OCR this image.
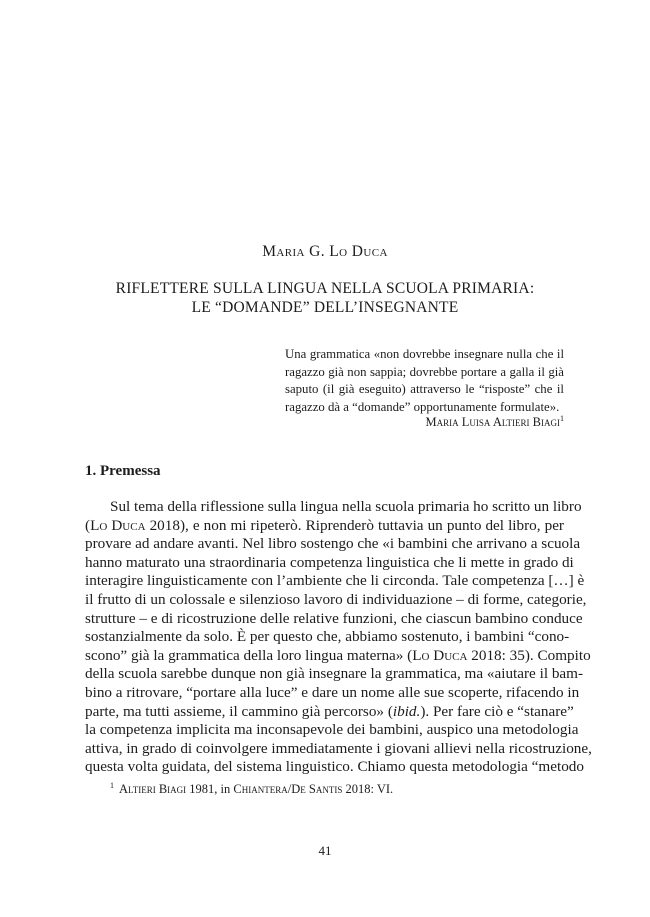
Maria G. Lo Duca
RIFLETTERE SULLA LINGUA NELLA SCUOLA PRIMARIA:
LE “DOMANDE” DELL’INSEGNANTE
Una grammatica «non dovrebbe insegnare nulla che il
ragazzo già non sappia; dovrebbe portare a galla il già
saputo (il già eseguito) attraverso le “risposte” che il
ragazzo dà a “domande” opportunamente formulate».
Maria Luisa Altieri Biagi$^1$
1. Premessa
Sul tema della riflessione sulla lingua nella scuola primaria ho scritto un libro
(Lo Duca 2018), e non mi ripeterò. Riprenderò tuttavia un punto del libro, per
provare ad andare avanti. Nel libro sostengo che «i bambini che arrivano a scuola
hanno maturato una straordinaria competenza linguistica che li mette in grado di
interagire linguisticamente con l’ambiente che li circonda. Tale competenza […] è
il frutto di un colossale e silenzioso lavoro di individuazione – di forme, categorie,
strutture – e di ricostruzione delle relative funzioni, che ciascun bambino conduce
sostanzialmente da solo. È per questo che, abbiamo sostenuto, i bambini “cono-
scono” già la grammatica della loro lingua materna» (Lo Duca 2018: 35). Compito
della scuola sarebbe dunque non già insegnare la grammatica, ma «aiutare il bam-
bino a ritrovare, “portare alla luce” e dare un nome alle sue scoperte, rifacendo in
parte, ma tutti assieme, il cammino già percorso» (ibid.). Per fare ciò e “stanare”
la competenza implicita ma inconsapevole dei bambini, auspico una metodologia
attiva, in grado di coinvolgere immediatamente i giovani allievi nella ricostruzione,
questa volta guidata, del sistema linguistico. Chiamo questa metodologia “metodo
$^1$ Altieri Biagi 1981, in Chiantera/De Santis 2018: VI.
41
